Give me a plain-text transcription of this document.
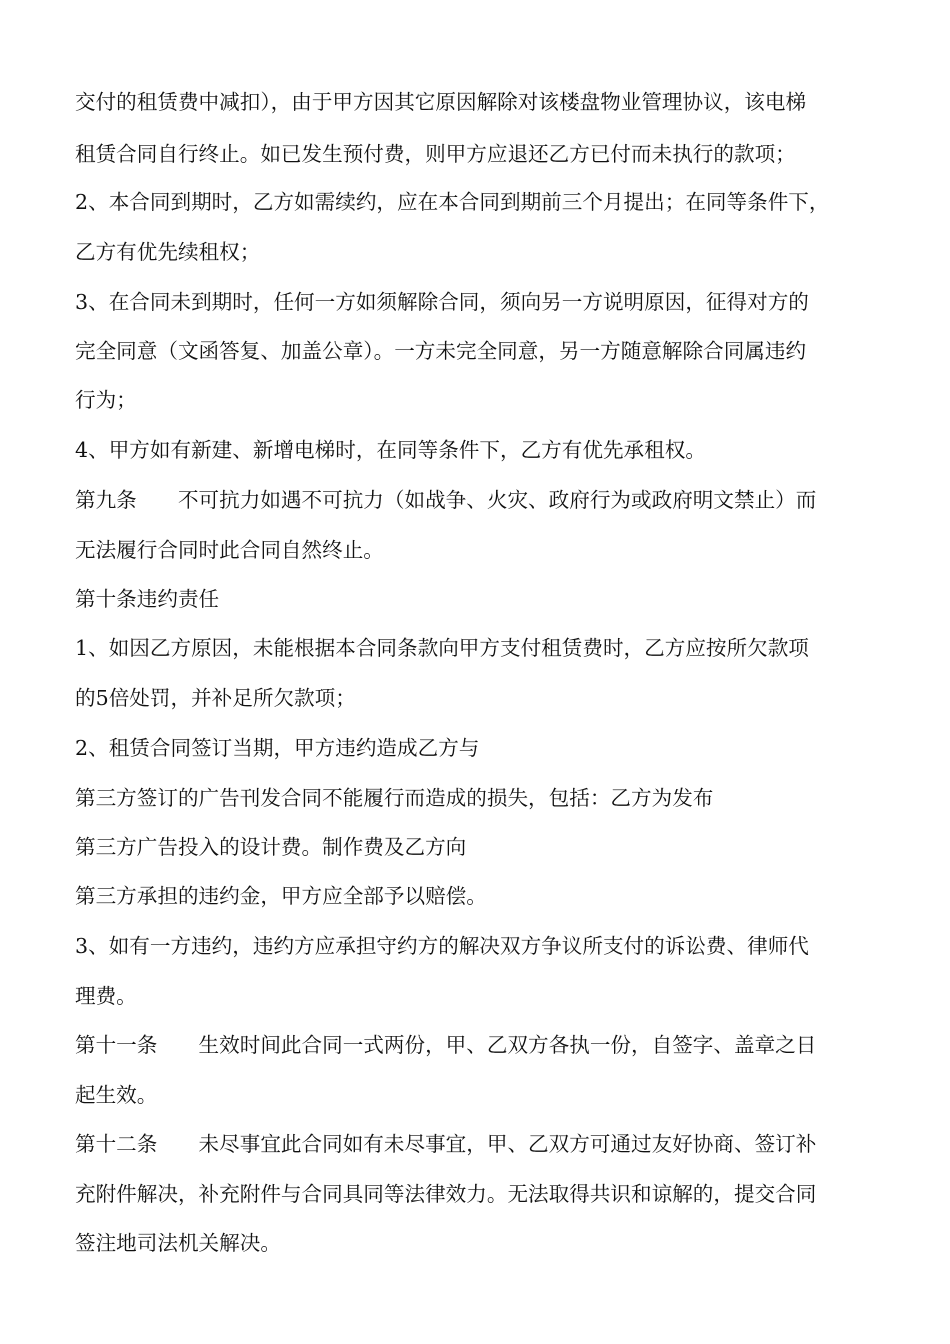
交付的租赁费中减扣），由于甲方因其它原因解除对该楼盘物业管理协议，该电梯
租赁合同自行终止。如已发生预付费，则甲方应退还乙方已付而未执行的款项；
2、本合同到期时，乙方如需续约，应在本合同到期前三个月提出；在同等条件下，
乙方有优先续租权；
3、在合同未到期时，任何一方如须解除合同，须向另一方说明原因，征得对方的
完全同意（文函答复、加盖公章）。一方未完全同意，另一方随意解除合同属违约
行为；
4、甲方如有新建、新增电梯时，在同等条件下，乙方有优先承租权。
第九条　　不可抗力如遇不可抗力（如战争、火灾、政府行为或政府明文禁止）而
无法履行合同时此合同自然终止。
第十条违约责任
1、如因乙方原因，未能根据本合同条款向甲方支付租赁费时，乙方应按所欠款项
的5倍处罚，并补足所欠款项；
2、租赁合同签订当期，甲方违约造成乙方与
第三方签订的广告刊发合同不能履行而造成的损失，包括：乙方为发布
第三方广告投入的设计费。制作费及乙方向
第三方承担的违约金，甲方应全部予以赔偿。
3、如有一方违约，违约方应承担守约方的解决双方争议所支付的诉讼费、律师代
理费。
第十一条　　生效时间此合同一式两份，甲、乙双方各执一份，自签字、盖章之日
起生效。
第十二条　　未尽事宜此合同如有未尽事宜，甲、乙双方可通过友好协商、签订补
充附件解决，补充附件与合同具同等法律效力。无法取得共识和谅解的，提交合同
签注地司法机关解决。
